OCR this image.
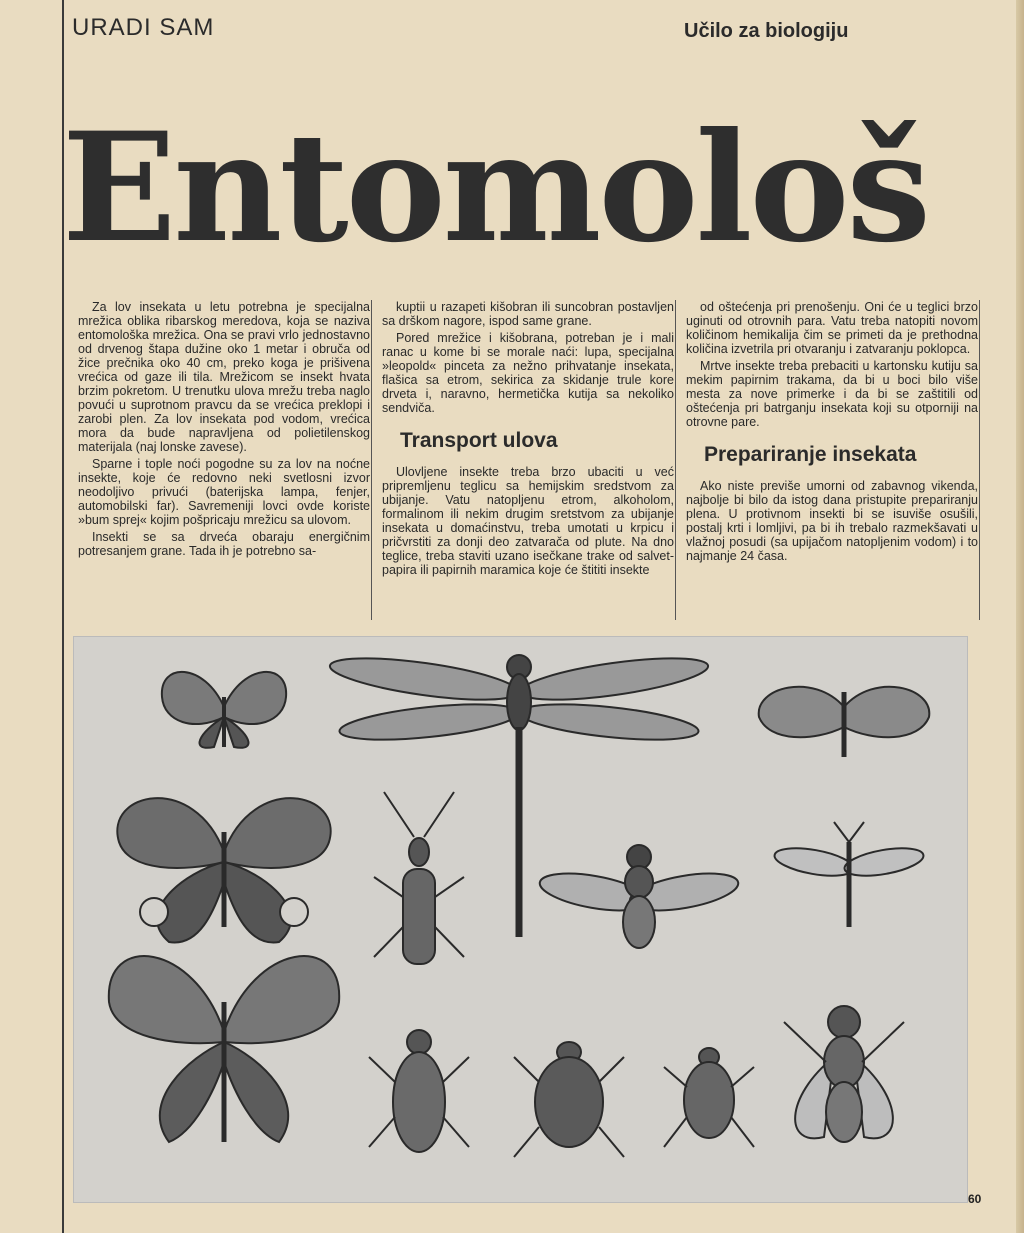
URADI SAM	Učilo za biologiju
Entomološ

Za lov insekata u letu potrebna je specijalna mrežica oblika ribarskog meredova, koja se naziva entomološka mrežica. Ona se pravi vrlo jednostavno od drvenog štapa dužine oko 1 metar i obruča od žice prečnika oko 40 cm, preko koga je prišivena vrećica od gaze ili tila. Mrežicom se insekt hvata brzim pokretom. U trenutku ulova mrežu treba naglo povući u suprotnom pravcu da se vrećica preklopi i zarobi plen. Za lov insekata pod vodom, vrećica mora da bude napravljena od polietilenskog materijala (naj lonske zavese).

Sparne i tople noći pogodne su za lov na noćne insekte, koje će redovno neki svetlosni izvor neodoljivo privući (baterijska lampa, fenjer, automobilski far). Savremeniji lovci ovde koriste »bum sprej« kojim pošpricaju mrežicu sa ulovom.

Insekti se sa drveća obaraju energičnim potresanjem grane. Tada ih je potrebno sa-

kuptii u razapeti kišobran ili suncobran postavljen sa drškom nagore, ispod same grane.

Pored mrežice i kišobrana, potreban je i mali ranac u kome bi se morale naći: lupa, specijalna »leopold« pinceta za nežno prihvatanje insekata, flašica sa etrom, sekirica za skidanje trule kore drveta i, naravno, hermetička kutija sa nekoliko sendviča.

Transport ulova

Ulovljene insekte treba brzo ubaciti u već pripremljenu teglicu sa hemijskim sredstvom za ubijanje. Vatu natopljenu etrom, alkoholom, formalinom ili nekim drugim sretstvom za ubijanje insekata u domaćinstvu, treba umotati u krpicu i pričvrstiti za donji deo zatvarača od plute. Na dno teglice, treba staviti uzano isečkane trake od salvet-papira ili papirnih maramica koje će štititi insekte

od oštećenja pri prenošenju. Oni će u teglici brzo uginuti od otrovnih para. Vatu treba natopiti novom količinom hemikalija čim se primeti da je prethodna količina izvetrila pri otvaranju i zatvaranju poklopca.

Mrtve insekte treba prebaciti u kartonsku kutiju sa mekim papirnim trakama, da bi u boci bilo više mesta za nove primerke i da bi se zaštitili od oštećenja pri batrganju insekata koji su otporniji na otrovne pare.

Prepariranje insekata

Ako niste previše umorni od zabavnog vikenda, najbolje bi bilo da istog dana pristupite prepariranju plena. U protivnom insekti bi se isuviše osušili, postalj krti i lomljivi, pa bi ih trebalo razmekšavati u vlažnoj posudi (sa upijačom natopljenim vodom) i to najmanje 24 časa.

60
